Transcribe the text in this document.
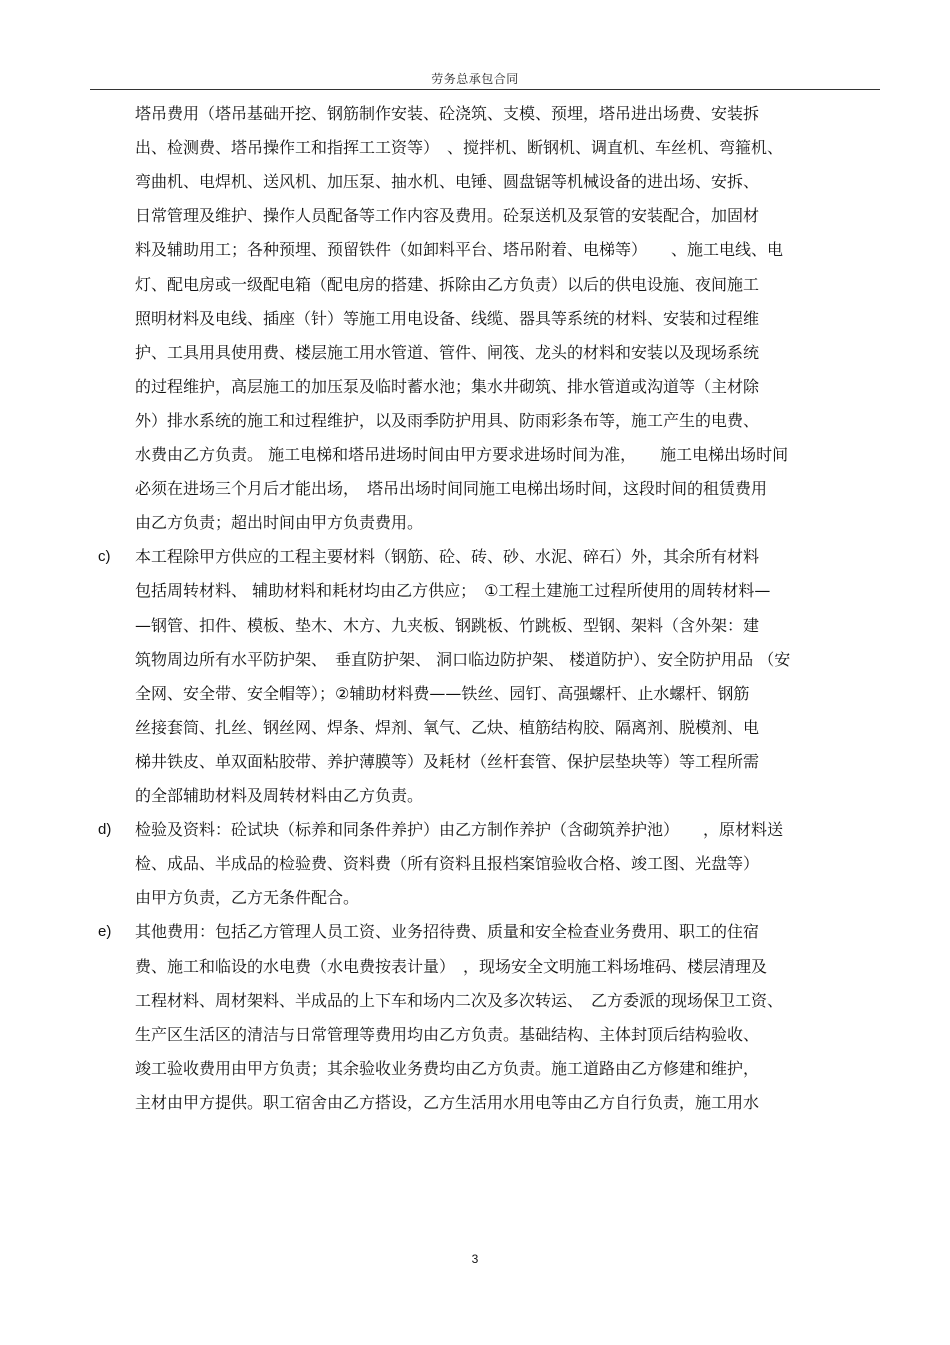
劳务总承包合同
塔吊费用（塔吊基础开挖、钢筋制作安装、砼浇筑、支模、预埋，塔吊进出场费、安装拆
出、检测费、塔吊操作工和指挥工工资等）　、搅拌机、断钢机、调直机、车丝机、弯箍机、
弯曲机、电焊机、送风机、加压泵、抽水机、电锤、圆盘锯等机械设备的进出场、安拆、
日常管理及维护、操作人员配备等工作内容及费用。砼泵送机及泵管的安装配合，加固材
料及辅助用工；各种预埋、预留铁件（如卸料平台、塔吊附着、电梯等）　　、施工电线、电
灯、配电房或一级配电箱（配电房的搭建、拆除由乙方负责）以后的供电设施、夜间施工
照明材料及电线、插座（针）等施工用电设备、线缆、器具等系统的材料、安装和过程维
护、工具用具使用费、楼层施工用水管道、管件、闸筏、龙头的材料和安装以及现场系统
的过程维护，高层施工的加压泵及临时蓄水池；集水井砌筑、排水管道或沟道等（主材除
外）排水系统的施工和过程维护，以及雨季防护用具、防雨彩条布等，施工产生的电费、
水费由乙方负责。 施工电梯和塔吊进场时间由甲方要求进场时间为准，　　施工电梯出场时间
必须在进场三个月后才能出场，　塔吊出场时间同施工电梯出场时间，这段时间的租赁费用
由乙方负责；超出时间由甲方负责费用。
c) 本工程除甲方供应的工程主要材料（钢筋、砼、砖、砂、水泥、碎石）外，其余所有材料
包括周转材料、 辅助材料和耗材均由乙方供应；　①工程土建施工过程所使用的周转材料—
—钢管、扣件、模板、垫木、木方、九夹板、钢跳板、竹跳板、型钢、架料（含外架：建
筑物周边所有水平防护架、　垂直防护架、 洞口临边防护架、 楼道防护）、安全防护用品 （安
全网、安全带、安全帽等）；②辅助材料费——铁丝、园钉、高强螺杆、止水螺杆、钢筋
丝接套筒、扎丝、钢丝网、焊条、焊剂、氧气、乙炔、植筋结构胶、隔离剂、脱模剂、电
梯井铁皮、单双面粘胶带、养护薄膜等）及耗材（丝杆套管、保护层垫块等）等工程所需
的全部辅助材料及周转材料由乙方负责。
d) 检验及资料：砼试块（标养和同条件养护）由乙方制作养护（含砌筑养护池）　　，原材料送
检、成品、半成品的检验费、资料费（所有资料且报档案馆验收合格、竣工图、光盘等）
由甲方负责，乙方无条件配合。
e) 其他费用：包括乙方管理人员工资、业务招待费、质量和安全检查业务费用、职工的住宿
费、施工和临设的水电费（水电费按表计量）　，现场安全文明施工料场堆码、楼层清理及
工程材料、周材架料、半成品的上下车和场内二次及多次转运、　乙方委派的现场保卫工资、
生产区生活区的清洁与日常管理等费用均由乙方负责。基础结构、主体封顶后结构验收、
竣工验收费用由甲方负责；其余验收业务费均由乙方负责。施工道路由乙方修建和维护，
主材由甲方提供。职工宿舍由乙方搭设，乙方生活用水用电等由乙方自行负责，施工用水
3
